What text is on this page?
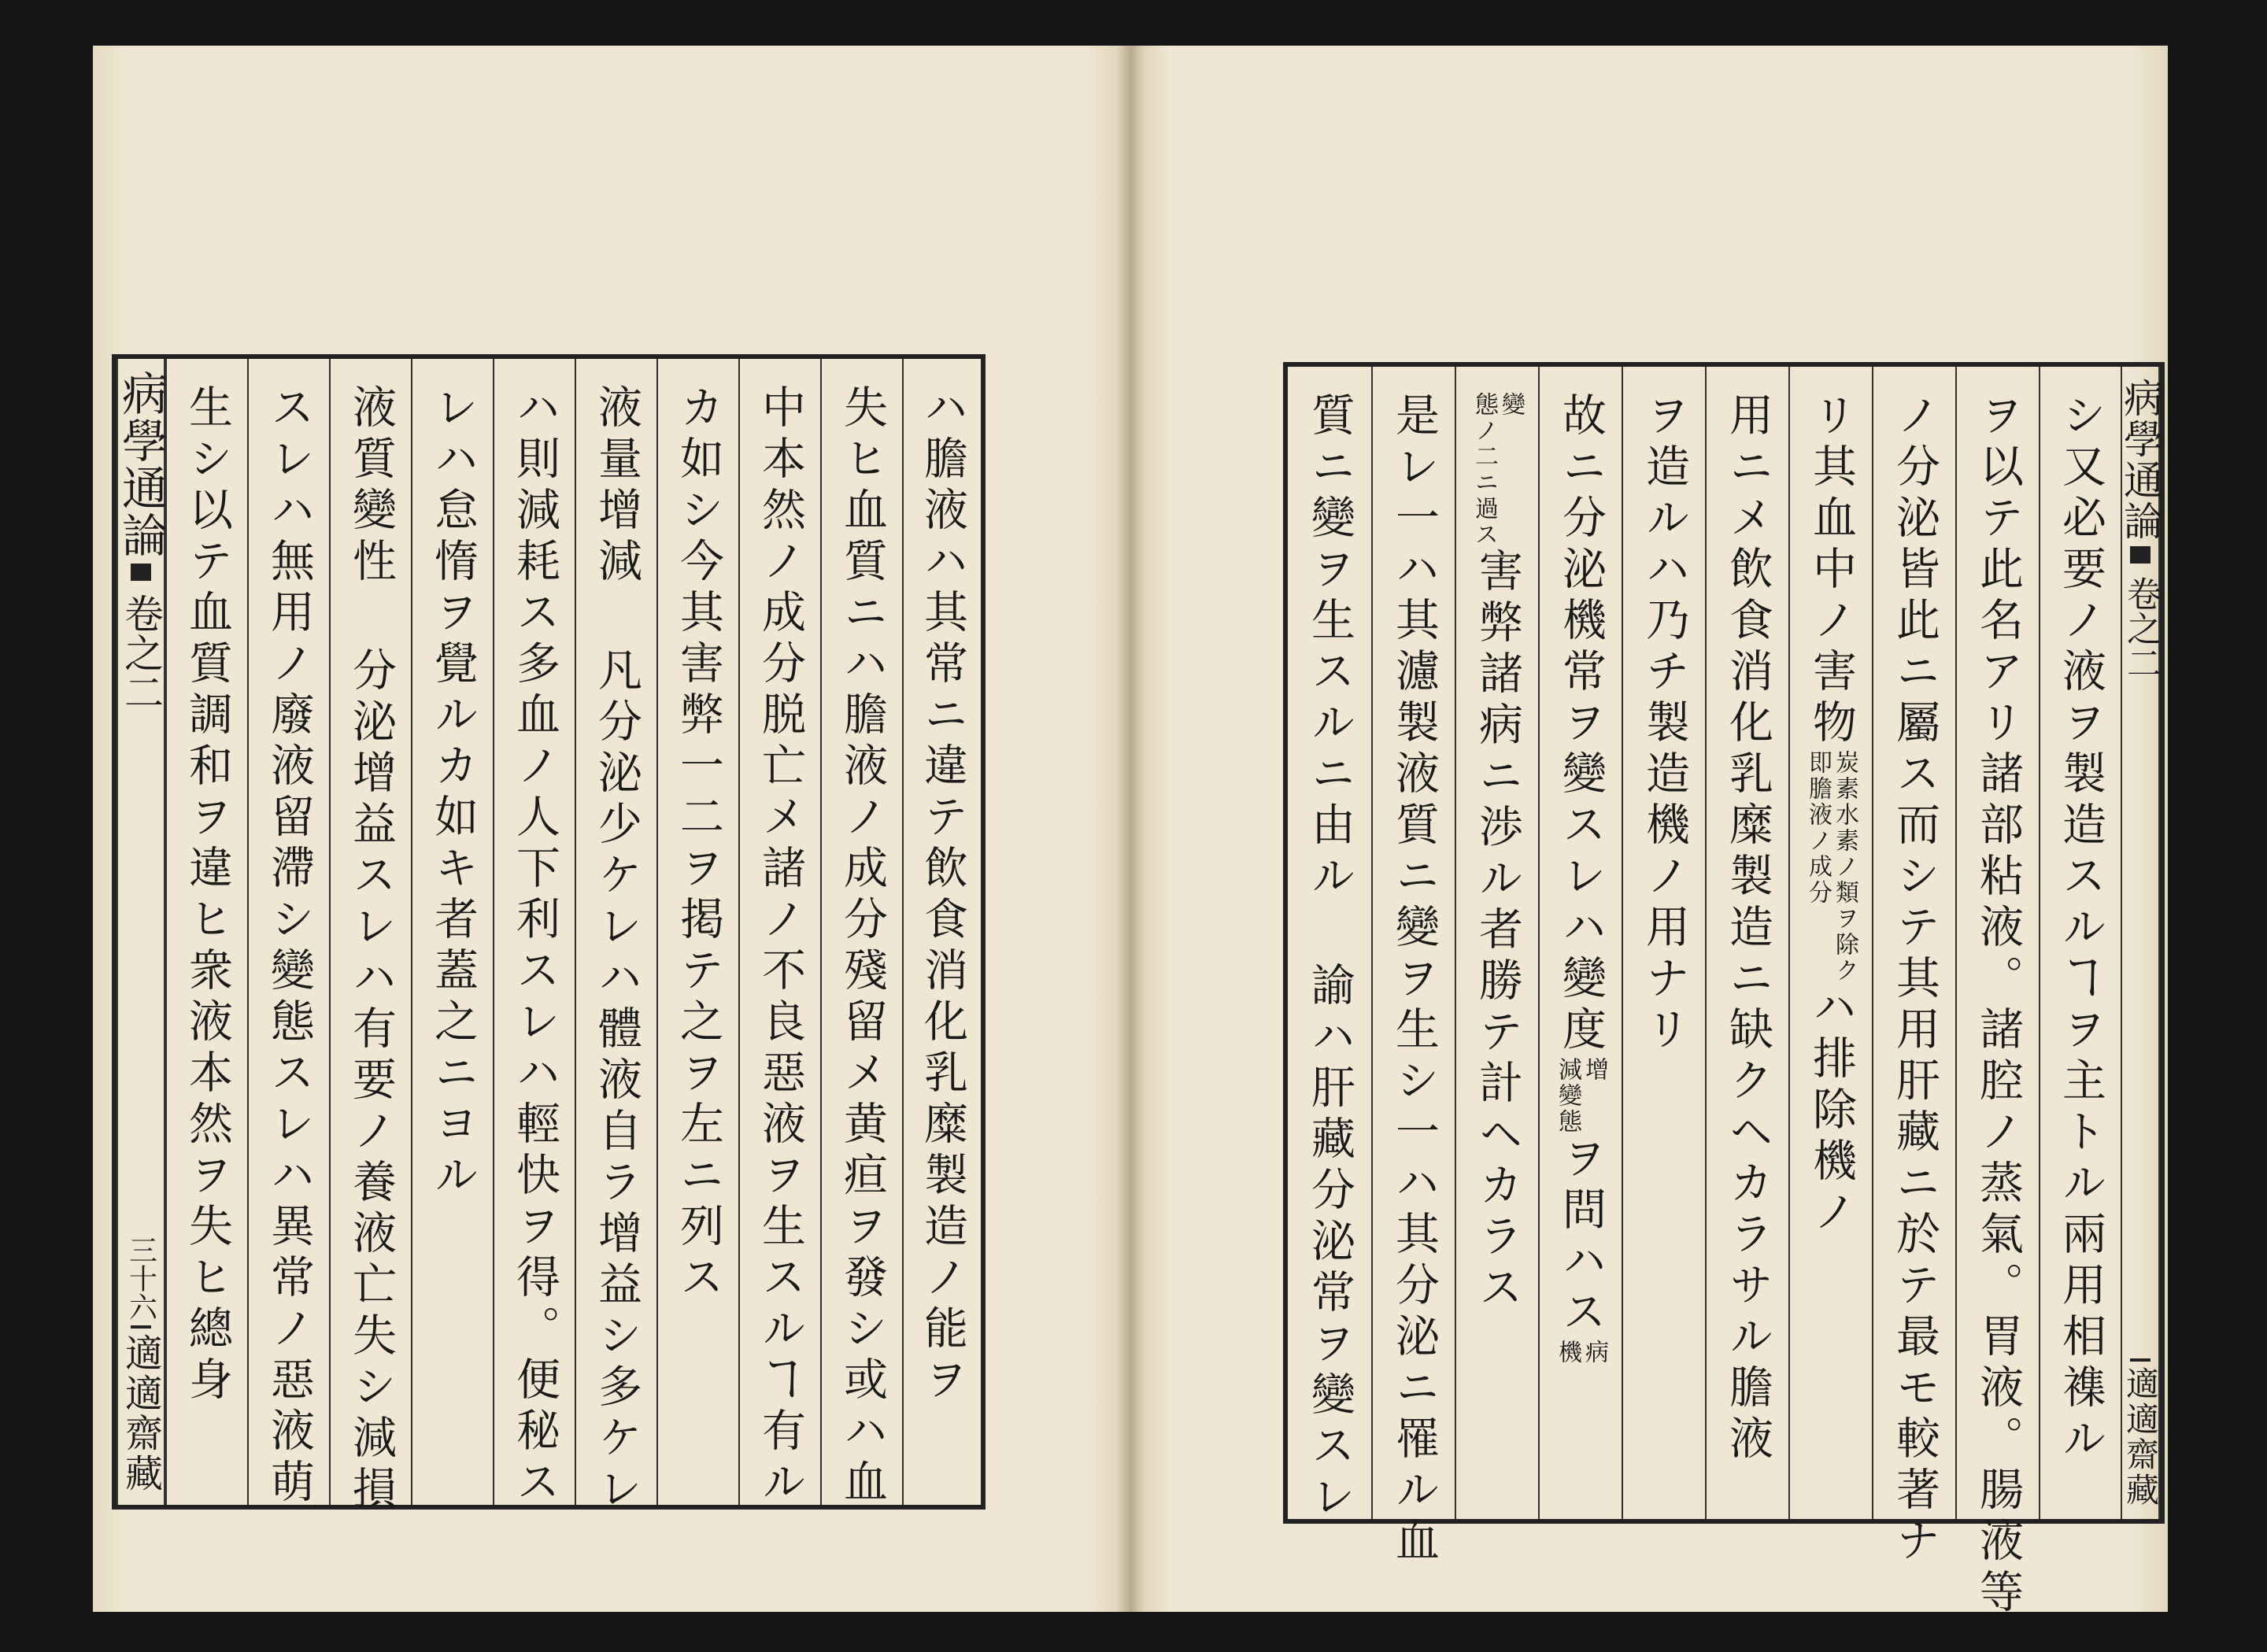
病學通論
卷之二
三十六
適適齋藏
生シ以テ血質調和ヲ違ヒ衆液本然ヲ失ヒ總身 スレハ無用ノ廢液留滯シ變態スレハ異常ノ惡液萌 液質變性 分泌增益スレハ有要ノ養液亡失シ減損 レハ怠惰ヲ覺ルカ如キ者蓋之ニヨル ハ則減耗ス多血ノ人下利スレハ輕快ヲ得。便秘ス 液量增減 凡分泌少ケレハ體液自ラ增益シ多ケレ カ如シ今其害弊一二ヲ掲テ之ヲ左ニ列ス 中本然ノ成分脱亡メ諸ノ不良惡液ヲ生スルヿ有ル 失ヒ血質ニハ膽液ノ成分殘留メ黄疸ヲ發シ或ハ血 ハ膽液ハ其常ニ違テ飲食消化乳糜製造ノ能ヲ	質ニ變ヲ生スルニ由ル 諭ハ肝藏分泌常ヲ變スレ 是レ一ハ其濾製液質ニ變ヲ生シ一ハ其分泌ニ罹ル血 變
態ノ二ニ過ス
害弊諸病ニ渉ル者勝テ計ヘカラス 故ニ分泌機常ヲ變スレハ變度
增
減變態
ヲ問ハス
病
機
ヲ造ルハ乃チ製造機ノ用ナリ 用ニメ飲食消化乳糜製造ニ缺クヘカラサル膽液 リ其血中ノ害物
炭素水素ノ類ヲ除ク
即膽液ノ成分
ハ排除機ノ ノ分泌皆此ニ屬ス而シテ其用肝藏ニ於テ最モ較著ナ ヲ以テ此名アリ諸部粘液。諸腔ノ蒸氣。胃液。腸液等 シ又必要ノ液ヲ製造スルヿヲ主トル兩用相襍ル 病學通論
卷之二
適適齋藏
